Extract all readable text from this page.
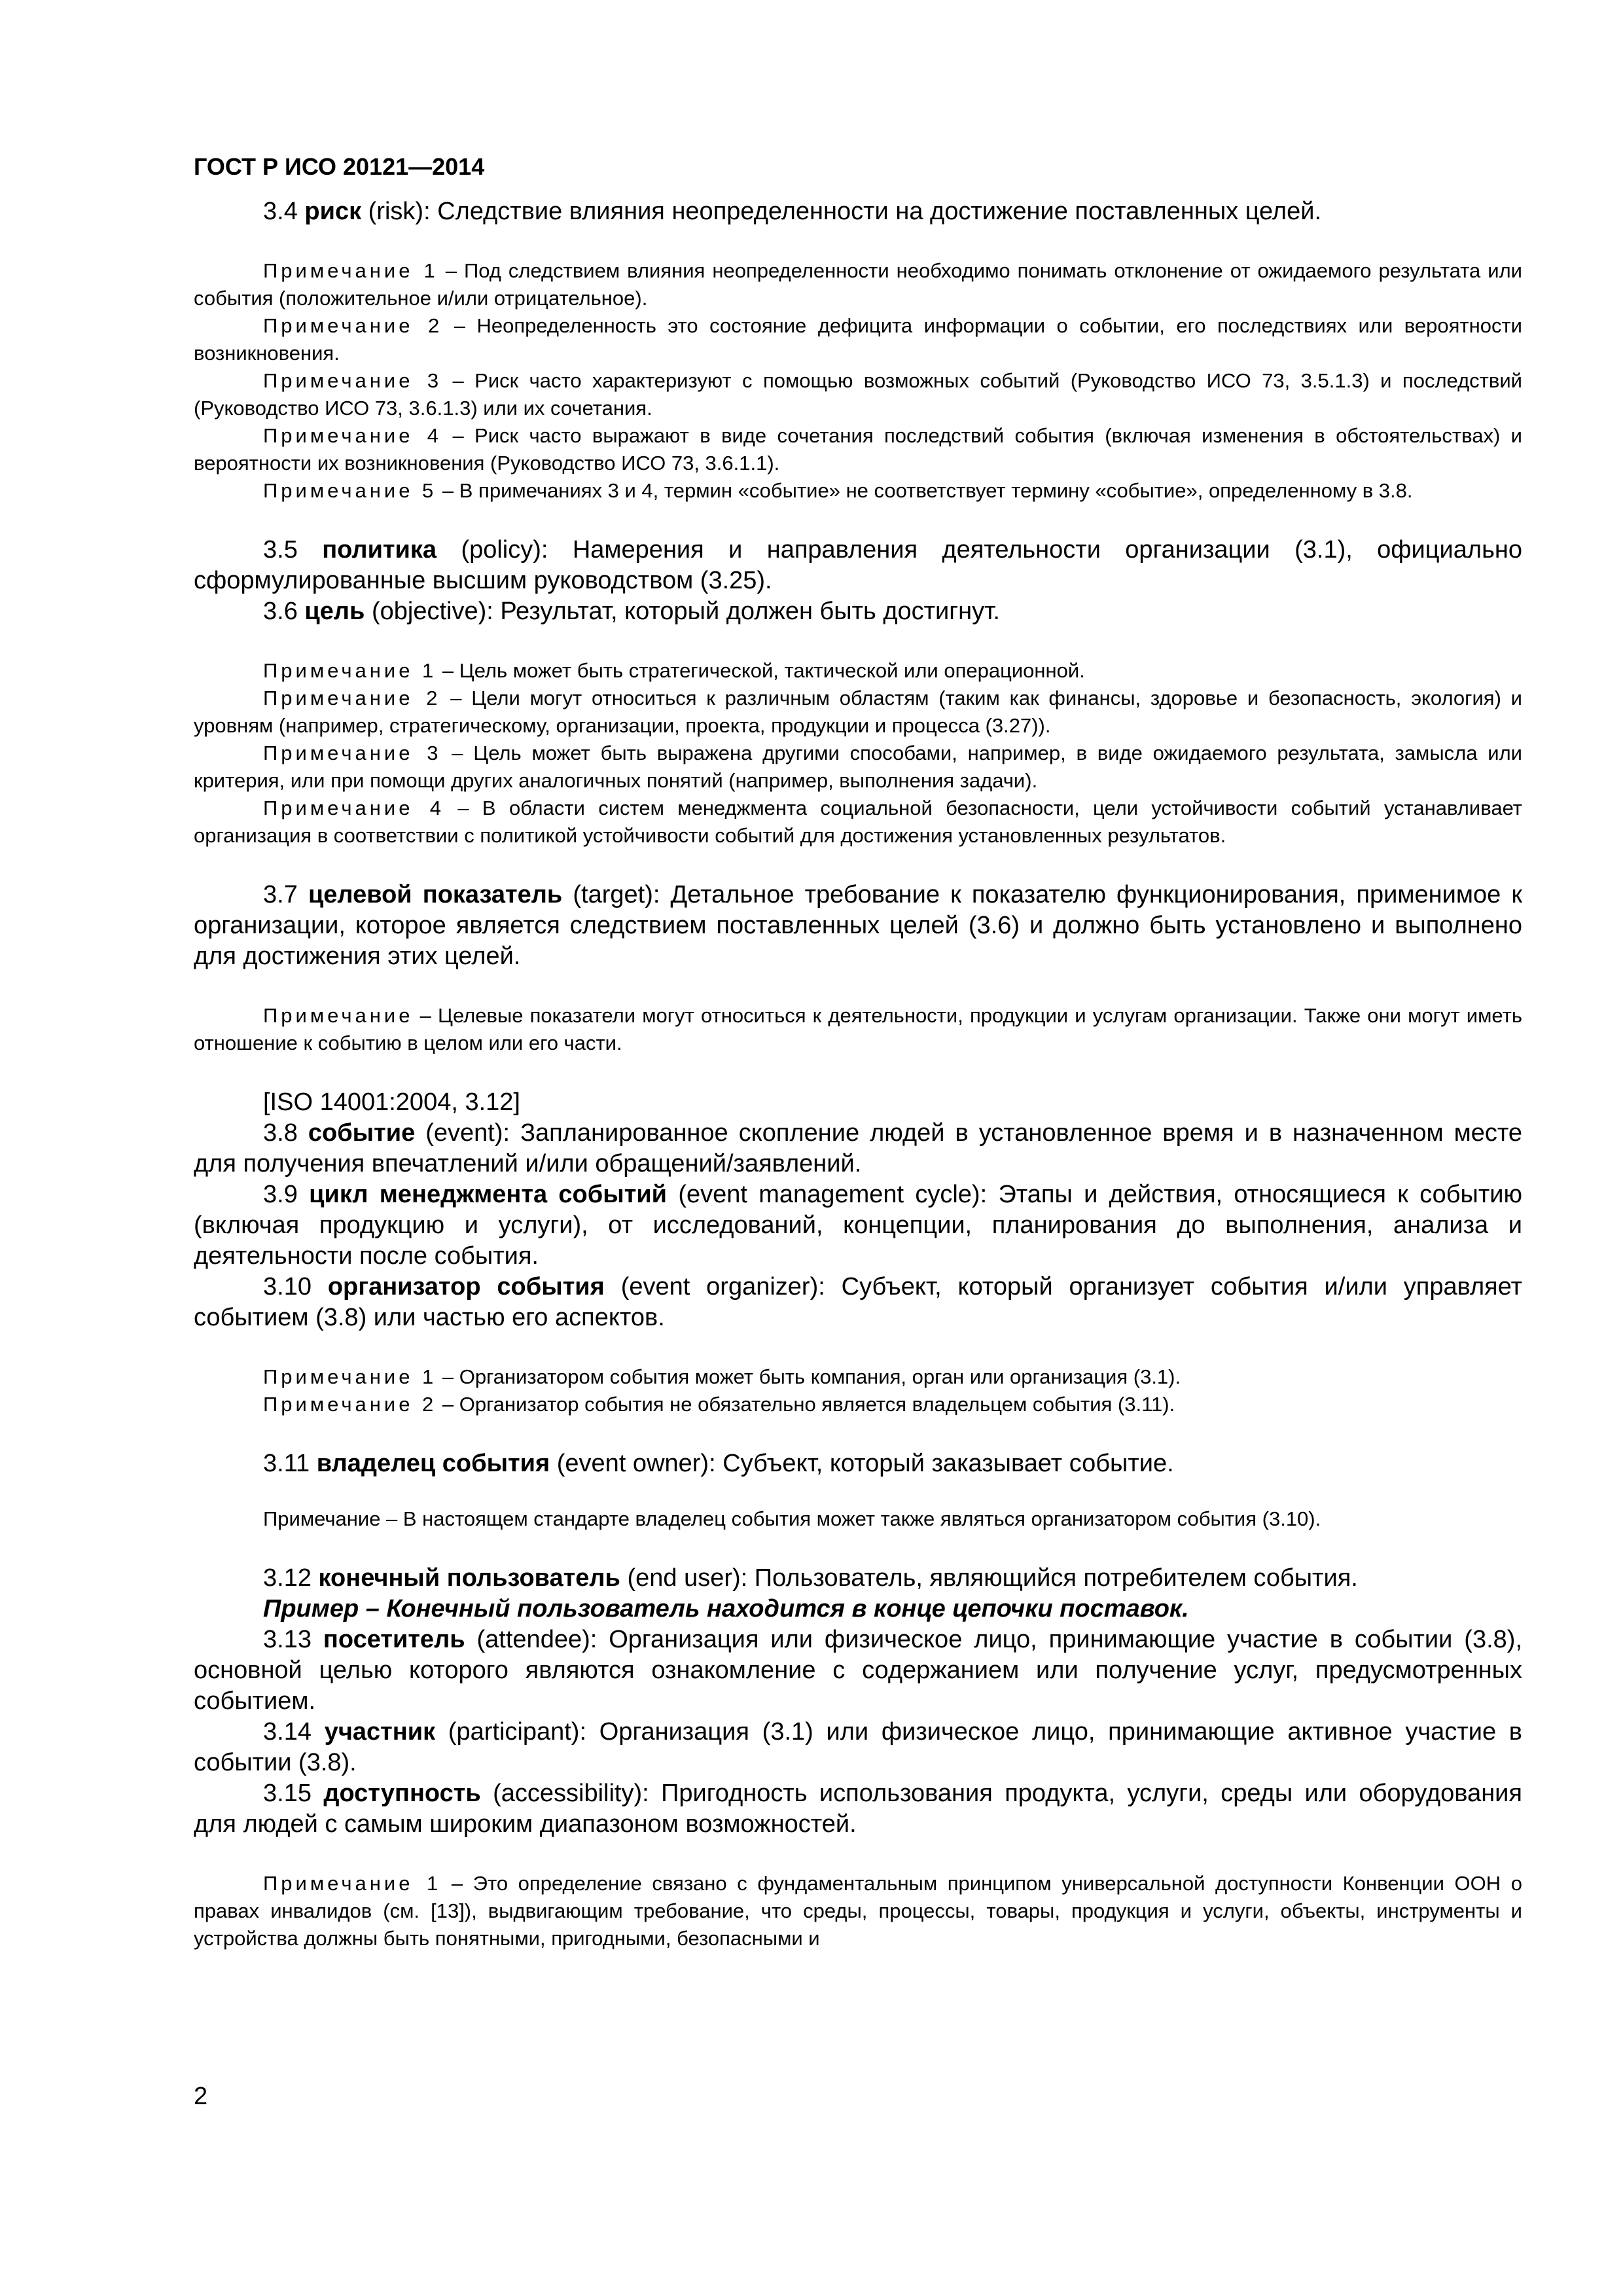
ГОСТ Р ИСО 20121—2014

3.4 риск (risk): Следствие влияния неопределенности на достижение поставленных целей.

Примечание 1 – Под следствием влияния неопределенности необходимо понимать отклонение от ожидаемого результата или события (положительное и/или отрицательное).

Примечание 2 – Неопределенность это состояние дефицита информации о событии, его последствиях или вероятности возникновения.

Примечание 3 – Риск часто характеризуют с помощью возможных событий (Руководство ИСО 73, 3.5.1.3) и последствий (Руководство ИСО 73, 3.6.1.3) или их сочетания.

Примечание 4 – Риск часто выражают в виде сочетания последствий события (включая изменения в обстоятельствах) и вероятности их возникновения (Руководство ИСО 73, 3.6.1.1).

Примечание 5 – В примечаниях 3 и 4, термин «событие» не соответствует термину «событие», определенному в 3.8.

3.5 политика (policy): Намерения и направления деятельности организации (3.1), официально сформулированные высшим руководством (3.25).

3.6 цель (objective): Результат, который должен быть достигнут.

Примечание 1 – Цель может быть стратегической, тактической или операционной.

Примечание 2 – Цели могут относиться к различным областям (таким как финансы, здоровье и безопасность, экология) и уровням (например, стратегическому, организации, проекта, продукции и процесса (3.27)).

Примечание 3 – Цель может быть выражена другими способами, например, в виде ожидаемого результата, замысла или критерия, или при помощи других аналогичных понятий (например, выполнения задачи).

Примечание 4 – В области систем менеджмента социальной безопасности, цели устойчивости событий устанавливает организация в соответствии с политикой устойчивости событий для достижения установленных результатов.

3.7 целевой показатель (target): Детальное требование к показателю функционирования, применимое к организации, которое является следствием поставленных целей (3.6) и должно быть установлено и выполнено для достижения этих целей.

Примечание – Целевые показатели могут относиться к деятельности, продукции и услугам организации. Также они могут иметь отношение к событию в целом или его части.

[ISO 14001:2004, 3.12]

3.8 событие (event): Запланированное скопление людей в установленное время и в назначенном месте для получения впечатлений и/или обращений/заявлений.

3.9 цикл менеджмента событий (event management cycle): Этапы и действия, относящиеся к событию (включая продукцию и услуги), от исследований, концепции, планирования до выполнения, анализа и деятельности после события.

3.10 организатор события (event organizer): Субъект, который организует события и/или управляет событием (3.8) или частью его аспектов.

Примечание 1 – Организатором события может быть компания, орган или организация (3.1).

Примечание 2 – Организатор события не обязательно является владельцем события (3.11).

3.11 владелец события (event owner): Субъект, который заказывает событие.

Примечание – В настоящем стандарте владелец события может также являться организатором события (3.10).

3.12 конечный пользователь (end user): Пользователь, являющийся потребителем события.

Пример – Конечный пользователь находится в конце цепочки поставок.

3.13 посетитель (attendee): Организация или физическое лицо, принимающие участие в событии (3.8), основной целью которого являются ознакомление с содержанием или получение услуг, предусмотренных событием.

3.14 участник (participant): Организация (3.1) или физическое лицо, принимающие активное участие в событии (3.8).

3.15 доступность (accessibility): Пригодность использования продукта, услуги, среды или оборудования для людей с самым широким диапазоном возможностей.

Примечание 1 – Это определение связано с фундаментальным принципом универсальной доступности Конвенции ООН о правах инвалидов (см. [13]), выдвигающим требование, что среды, процессы, товары, продукция и услуги, объекты, инструменты и устройства должны быть понятными, пригодными, безопасными и

2
